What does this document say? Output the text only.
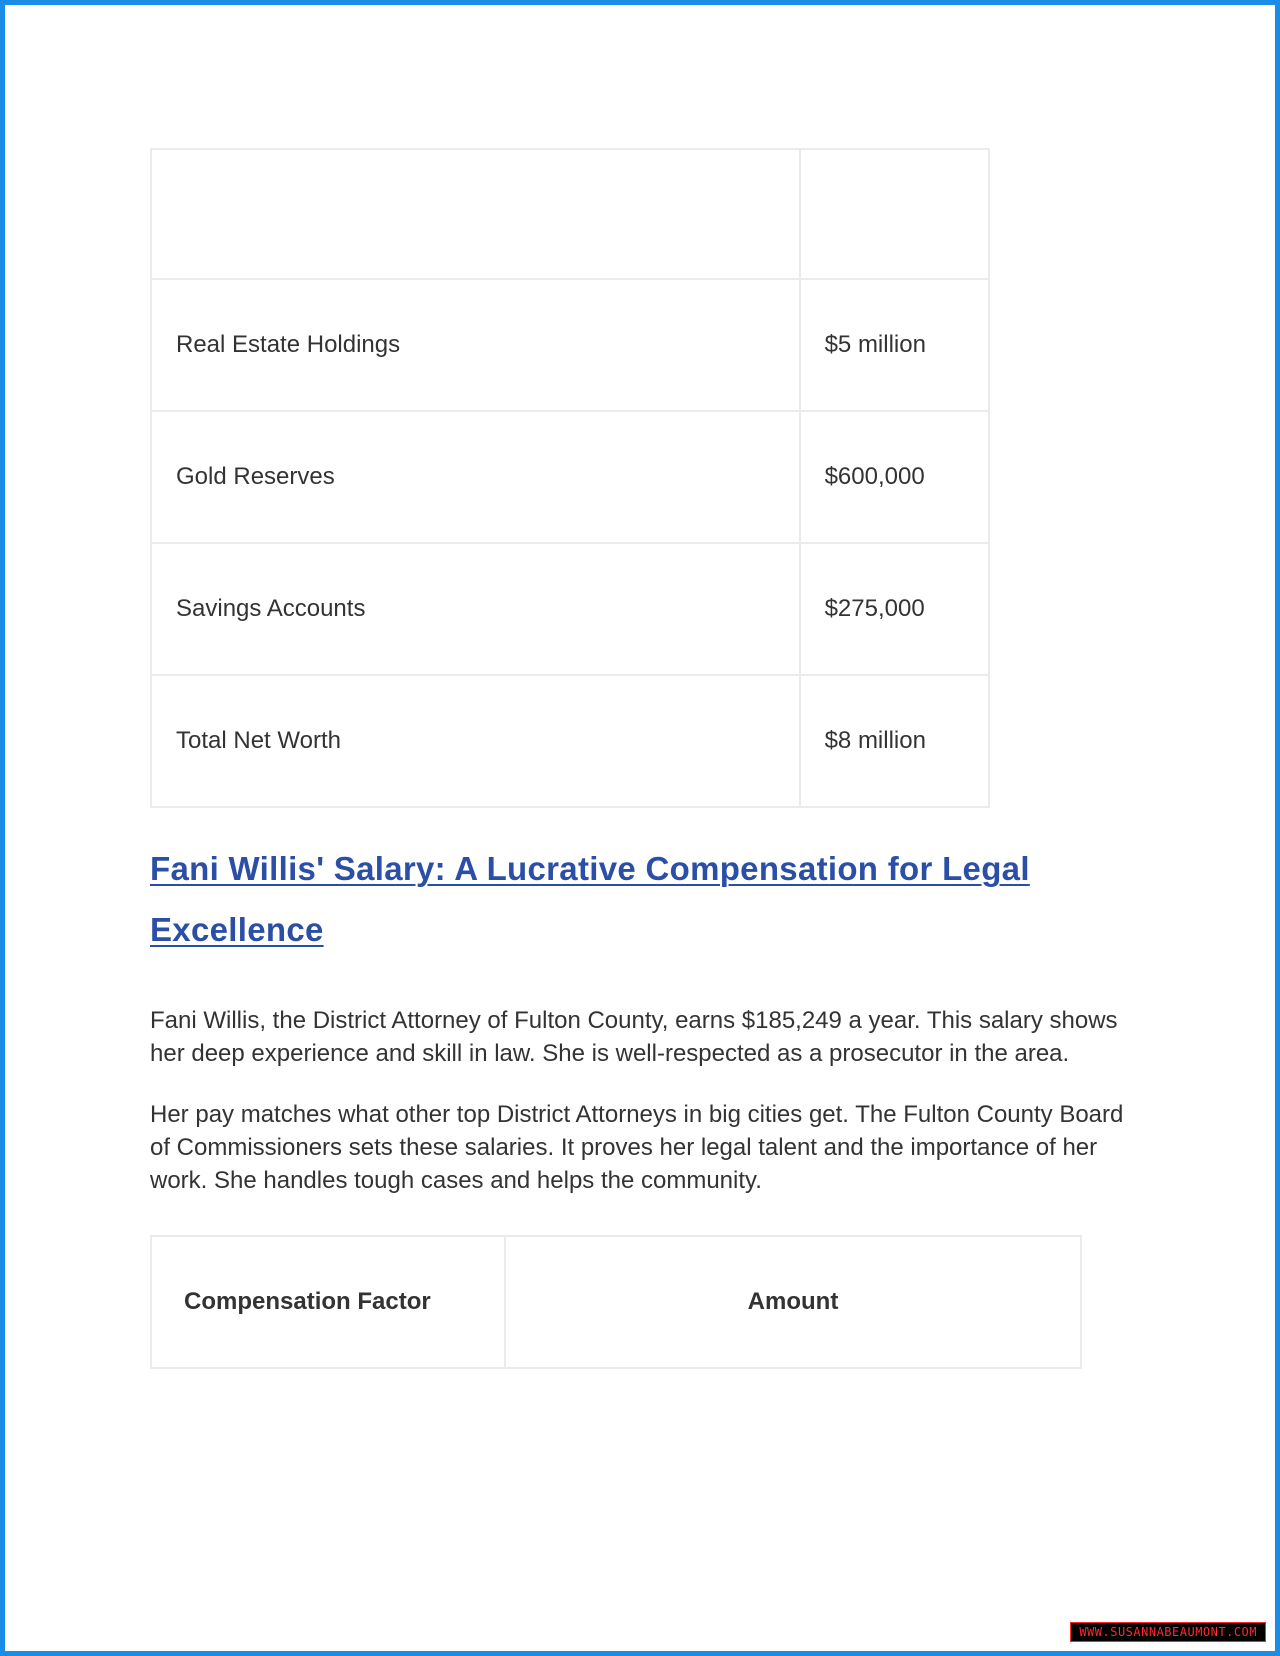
Real Estate Holdings	$5 million
Gold Reserves	$600,000
Savings Accounts	$275,000
Total Net Worth	$8 million
Fani Willis' Salary: A Lucrative Compensation for Legal Excellence

Fani Willis, the District Attorney of Fulton County, earns $185,249 a year. This salary shows her deep experience and skill in law. She is well-respected as a prosecutor in the area.

Her pay matches what other top District Attorneys in big cities get. The Fulton County Board of Commissioners sets these salaries. It proves her legal talent and the importance of her work. She handles tough cases and helps the community.

Compensation Factor	Amount
WWW.SUSANNABEAUMONT.COM
